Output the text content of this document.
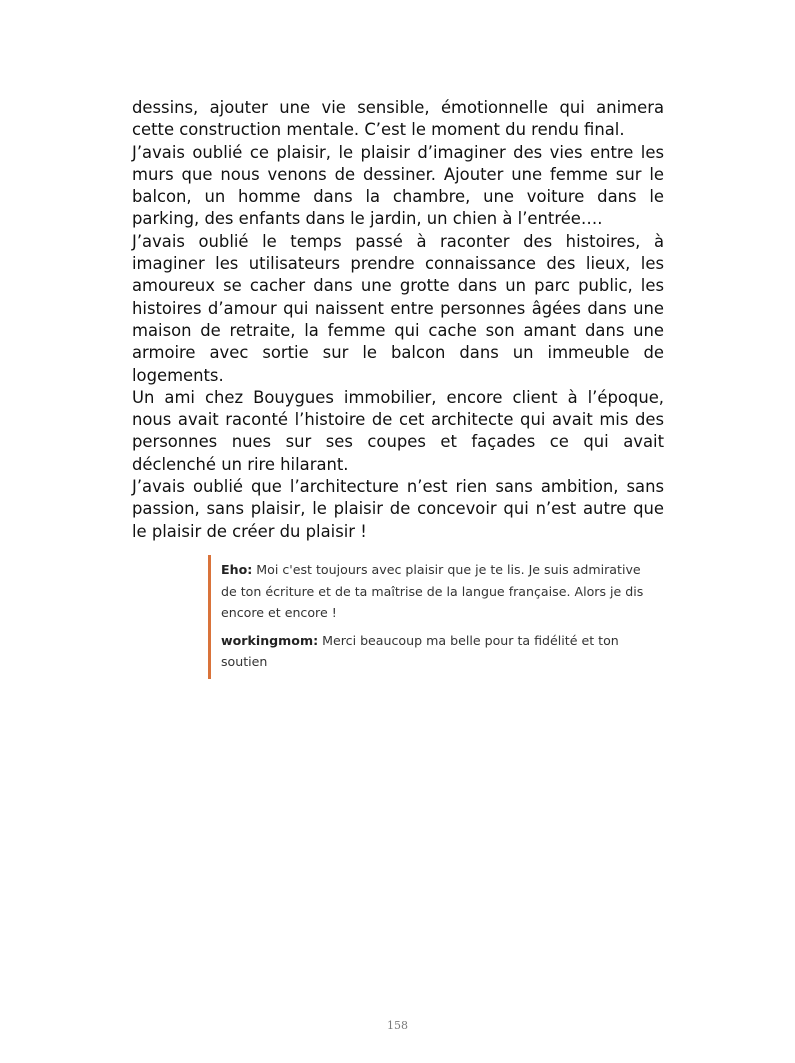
dessins, ajouter une vie sensible, émotionnelle qui animera cette construction mentale. C’est le moment du rendu final.

J’avais oublié ce plaisir, le plaisir d’imaginer des vies entre les murs que nous venons de dessiner. Ajouter une femme sur le balcon, un homme dans la chambre, une voiture dans le parking, des enfants dans le jardin, un chien à l’entrée….

J’avais oublié le temps passé à raconter des histoires, à imaginer les utilisateurs prendre connaissance des lieux, les amoureux se cacher dans une grotte dans un parc public, les histoires d’amour qui naissent entre personnes âgées dans une maison de retraite, la femme qui cache son amant dans une armoire avec sortie sur le balcon dans un immeuble de logements.

Un ami chez Bouygues immobilier, encore client à l’époque, nous avait raconté l’histoire de cet architecte qui avait mis des personnes nues sur ses coupes et façades ce qui avait déclenché un rire hilarant.

J’avais oublié que l’architecture n’est rien sans ambition, sans passion, sans plaisir, le plaisir de concevoir qui n’est autre que le plaisir de créer du plaisir !

Eho: Moi c'est toujours avec plaisir que je te lis. Je suis admirative de ton écriture et de ta maîtrise de la langue française. Alors je dis encore et encore !
workingmom: Merci beaucoup ma belle pour ta fidélité et ton soutien
158
